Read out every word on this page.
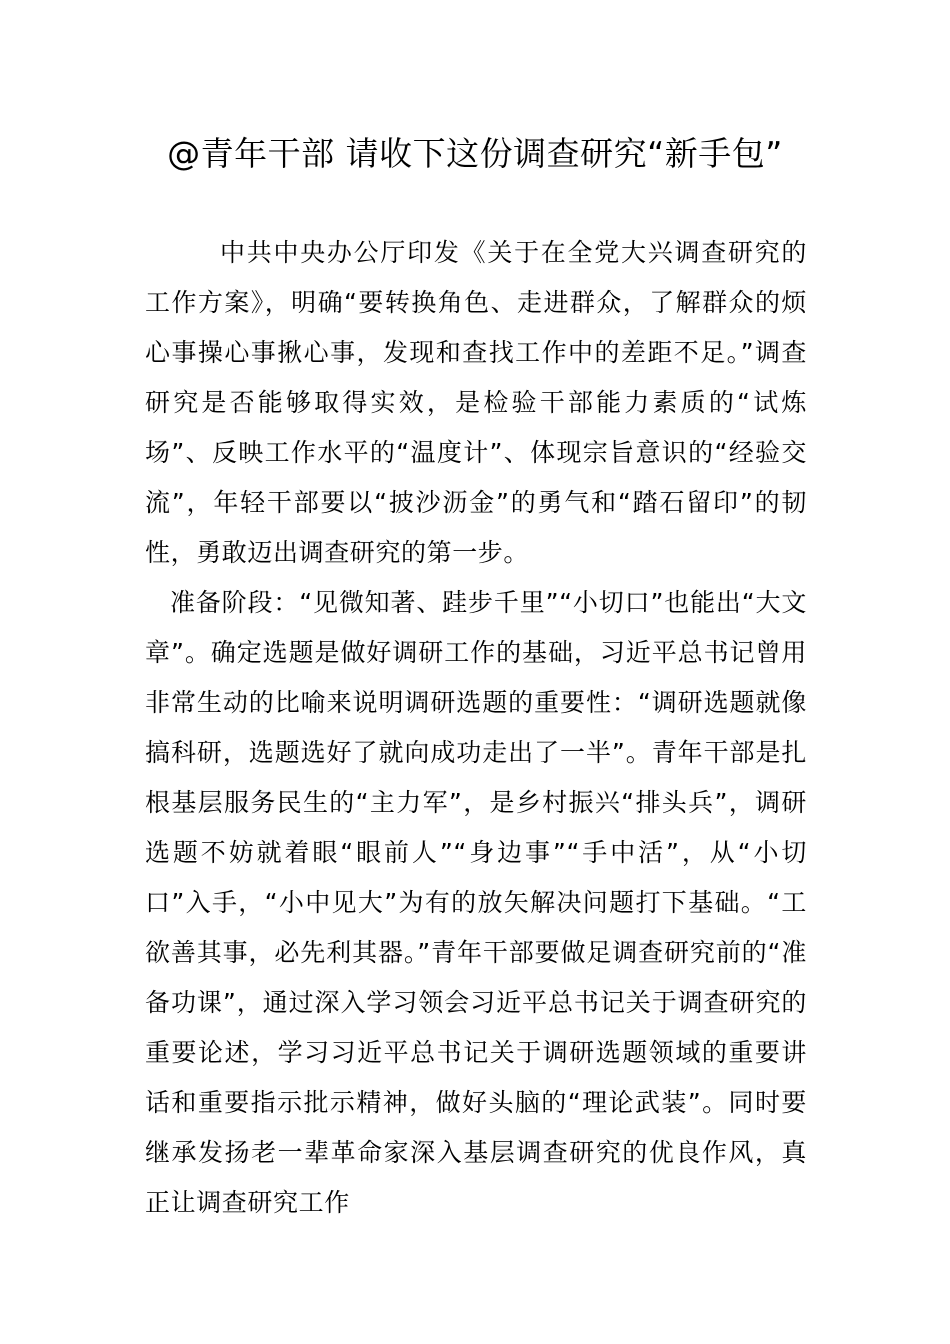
@青年干部 请收下这份调查研究“新手包”

中共中央办公厅印发《关于在全党大兴调查研究的工作方案》，明确“要转换角色、走进群众，了解群众的烦心事操心事揪心事，发现和查找工作中的差距不足。”调查研究是否能够取得实效，是检验干部能力素质的“试炼场”、反映工作水平的“温度计”、体现宗旨意识的“经验交流”，年轻干部要以“披沙沥金”的勇气和“踏石留印”的韧性，勇敢迈出调查研究的第一步。

准备阶段：“见微知著、跬步千里”“小切口”也能出“大文章”。确定选题是做好调研工作的基础，习近平总书记曾用非常生动的比喻来说明调研选题的重要性：“调研选题就像搞科研，选题选好了就向成功走出了一半”。青年干部是扎根基层服务民生的“主力军”，是乡村振兴“排头兵”，调研选题不妨就着眼“眼前人”“身边事”“手中活”，从“小切口”入手，“小中见大”为有的放矢解决问题打下基础。“工欲善其事，必先利其器。”青年干部要做足调查研究前的“准备功课”，通过深入学习领会习近平总书记关于调查研究的重要论述，学习习近平总书记关于调研选题领域的重要讲话和重要指示批示精神，做好头脑的“理论武装”。同时要继承发扬老一辈革命家深入基层调查研究的优良作风，真正让调查研究工作
